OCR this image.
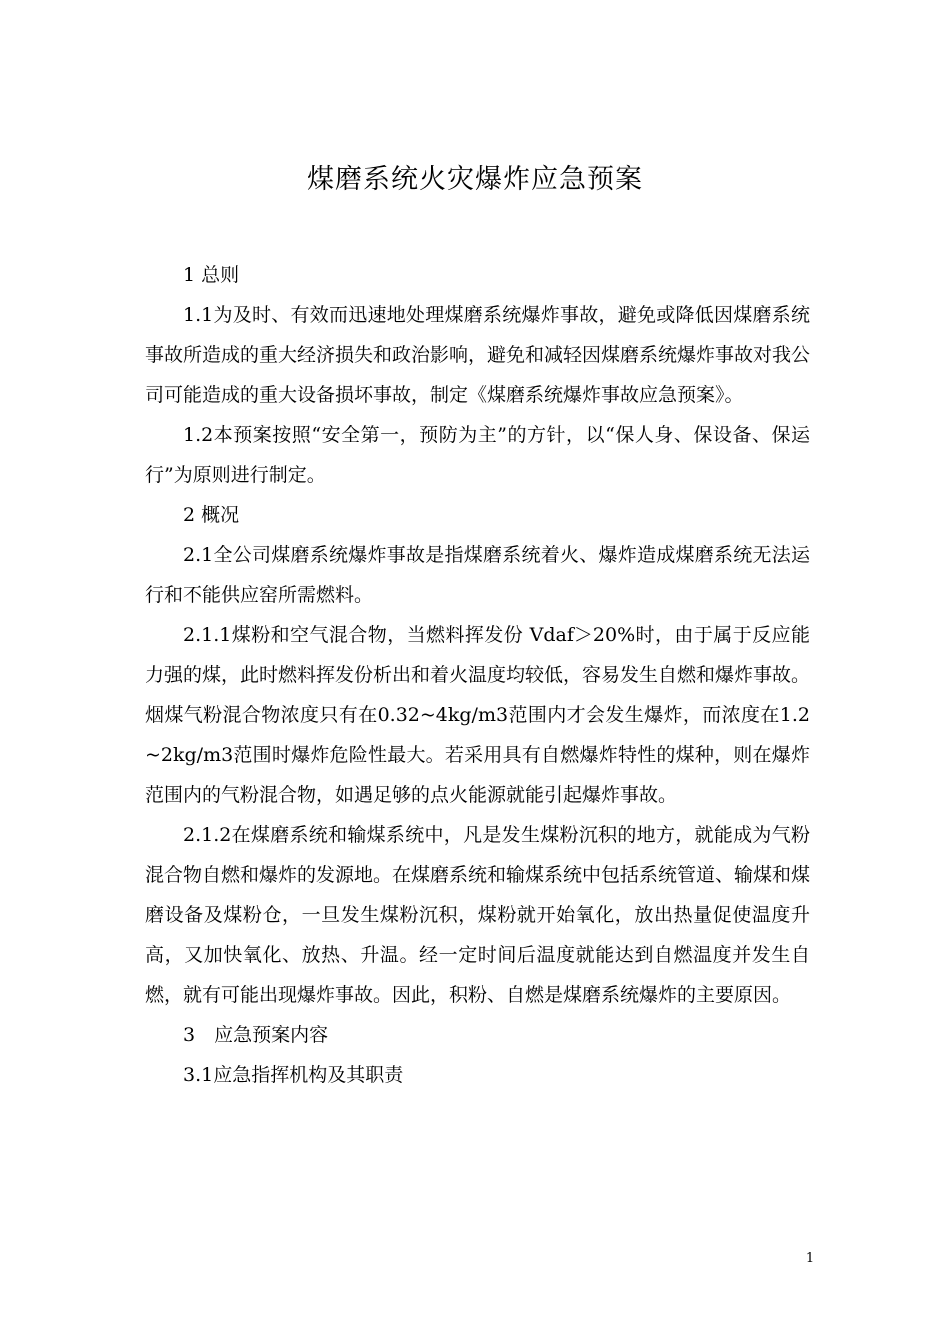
煤磨系统火灾爆炸应急预案

1 总则

1.1为及时、有效而迅速地处理煤磨系统爆炸事故，避免或降低因煤磨系统事故所造成的重大经济损失和政治影响，避免和减轻因煤磨系统爆炸事故对我公司可能造成的重大设备损坏事故，制定《煤磨系统爆炸事故应急预案》。

1.2本预案按照“安全第一，预防为主”的方针，以“保人身、保设备、保运行”为原则进行制定。

2 概况

2.1全公司煤磨系统爆炸事故是指煤磨系统着火、爆炸造成煤磨系统无法运行和不能供应窑所需燃料。

2.1.1煤粉和空气混合物，当燃料挥发份 Vdaf＞20%时，由于属于反应能力强的煤，此时燃料挥发份析出和着火温度均较低，容易发生自燃和爆炸事故。烟煤气粉混合物浓度只有在0.32~4kg/m3范围内才会发生爆炸，而浓度在1.2~2kg/m3范围时爆炸危险性最大。若采用具有自燃爆炸特性的煤种，则在爆炸范围内的气粉混合物，如遇足够的点火能源就能引起爆炸事故。

2.1.2在煤磨系统和输煤系统中，凡是发生煤粉沉积的地方，就能成为气粉混合物自燃和爆炸的发源地。在煤磨系统和输煤系统中包括系统管道、输煤和煤磨设备及煤粉仓，一旦发生煤粉沉积，煤粉就开始氧化，放出热量促使温度升高，又加快氧化、放热、升温。经一定时间后温度就能达到自燃温度并发生自燃，就有可能出现爆炸事故。因此，积粉、自燃是煤磨系统爆炸的主要原因。

3　应急预案内容

3.1应急指挥机构及其职责

1
